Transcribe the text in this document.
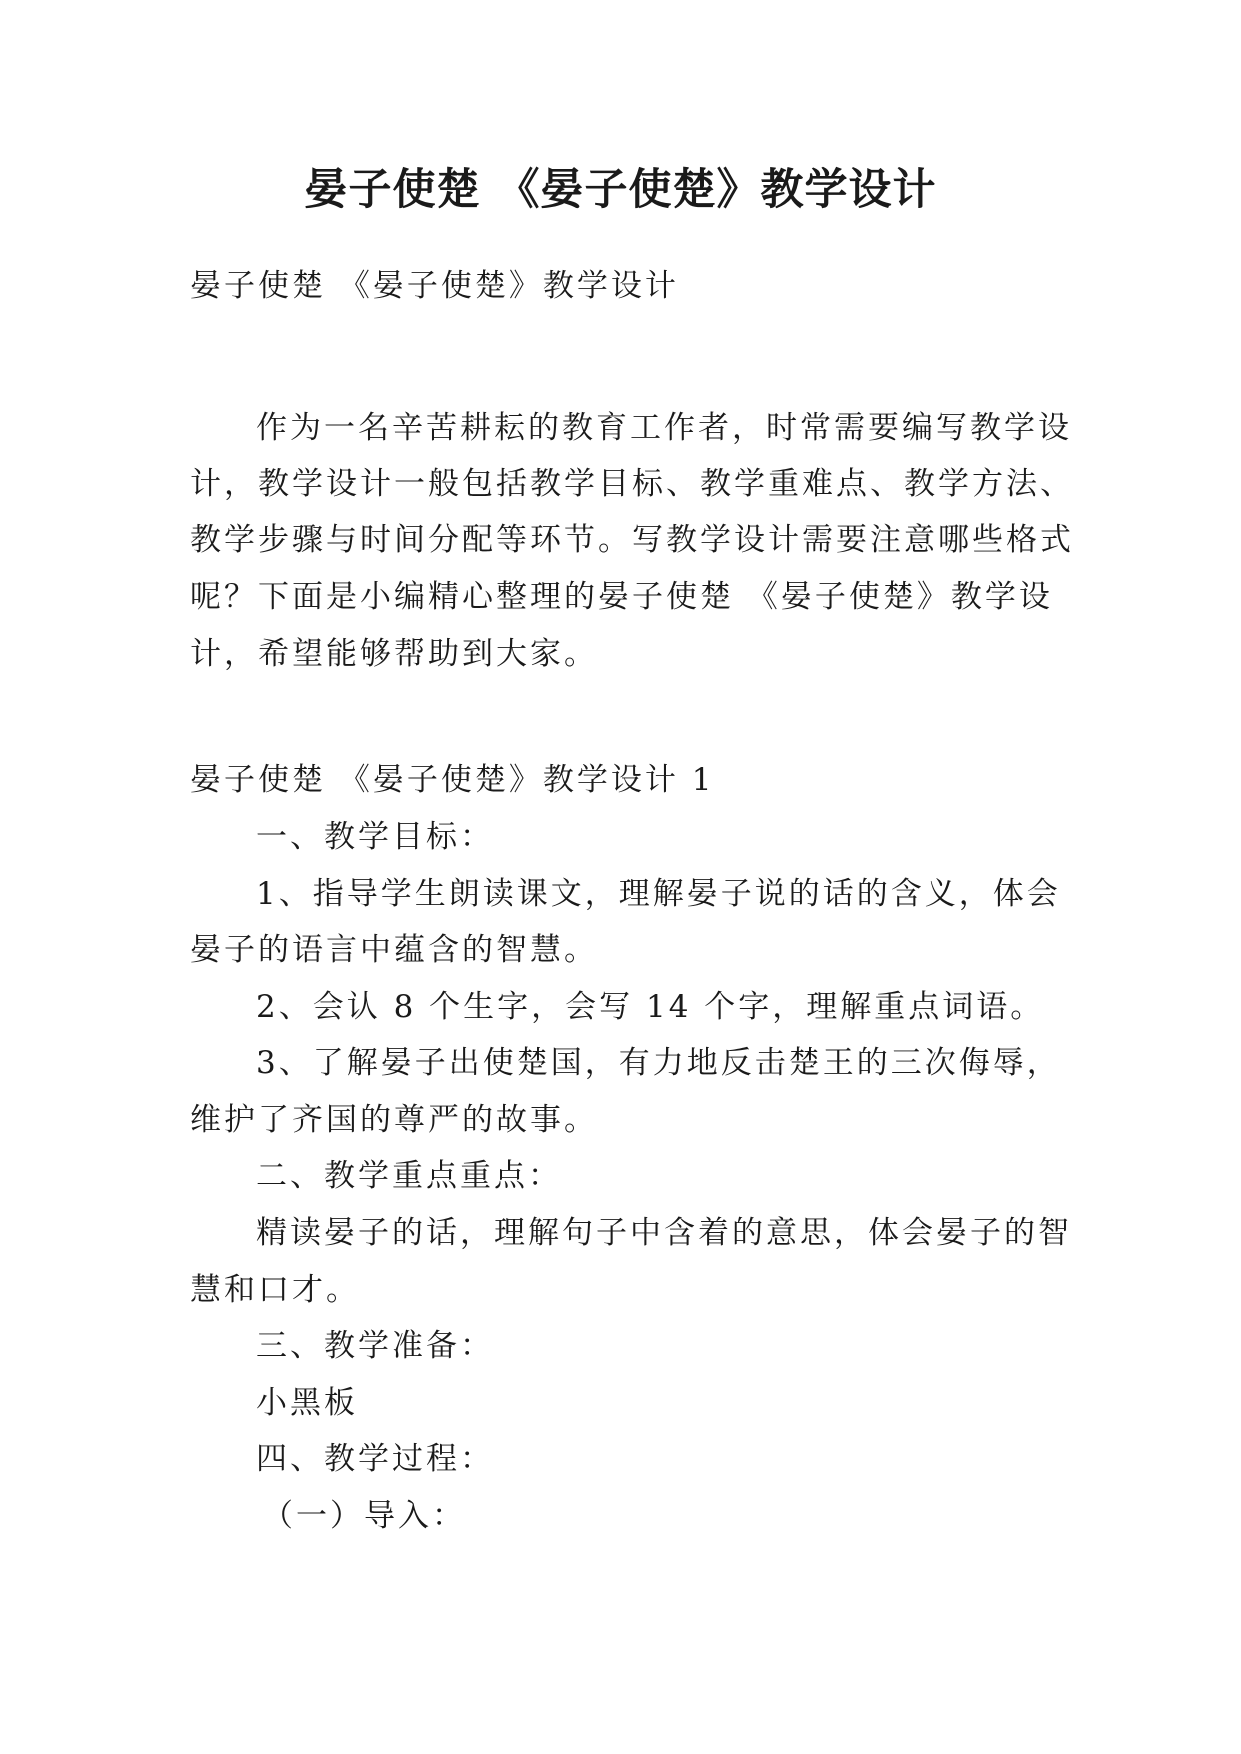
晏子使楚 《晏子使楚》教学设计
晏子使楚 《晏子使楚》教学设计
作为一名辛苦耕耘的教育工作者，时常需要编写教学设
计，教学设计一般包括教学目标、教学重难点、教学方法、
教学步骤与时间分配等环节。写教学设计需要注意哪些格式
呢？下面是小编精心整理的晏子使楚 《晏子使楚》教学设
计，希望能够帮助到大家。
晏子使楚 《晏子使楚》教学设计 1
一、教学目标：
1、指导学生朗读课文，理解晏子说的话的含义，体会
晏子的语言中蕴含的智慧。
2、会认 8 个生字，会写 14 个字，理解重点词语。
3、了解晏子出使楚国，有力地反击楚王的三次侮辱，
维护了齐国的尊严的故事。
二、教学重点重点：
精读晏子的话，理解句子中含着的意思，体会晏子的智
慧和口才。
三、教学准备：
小黑板
四、教学过程：
（一）导入：
